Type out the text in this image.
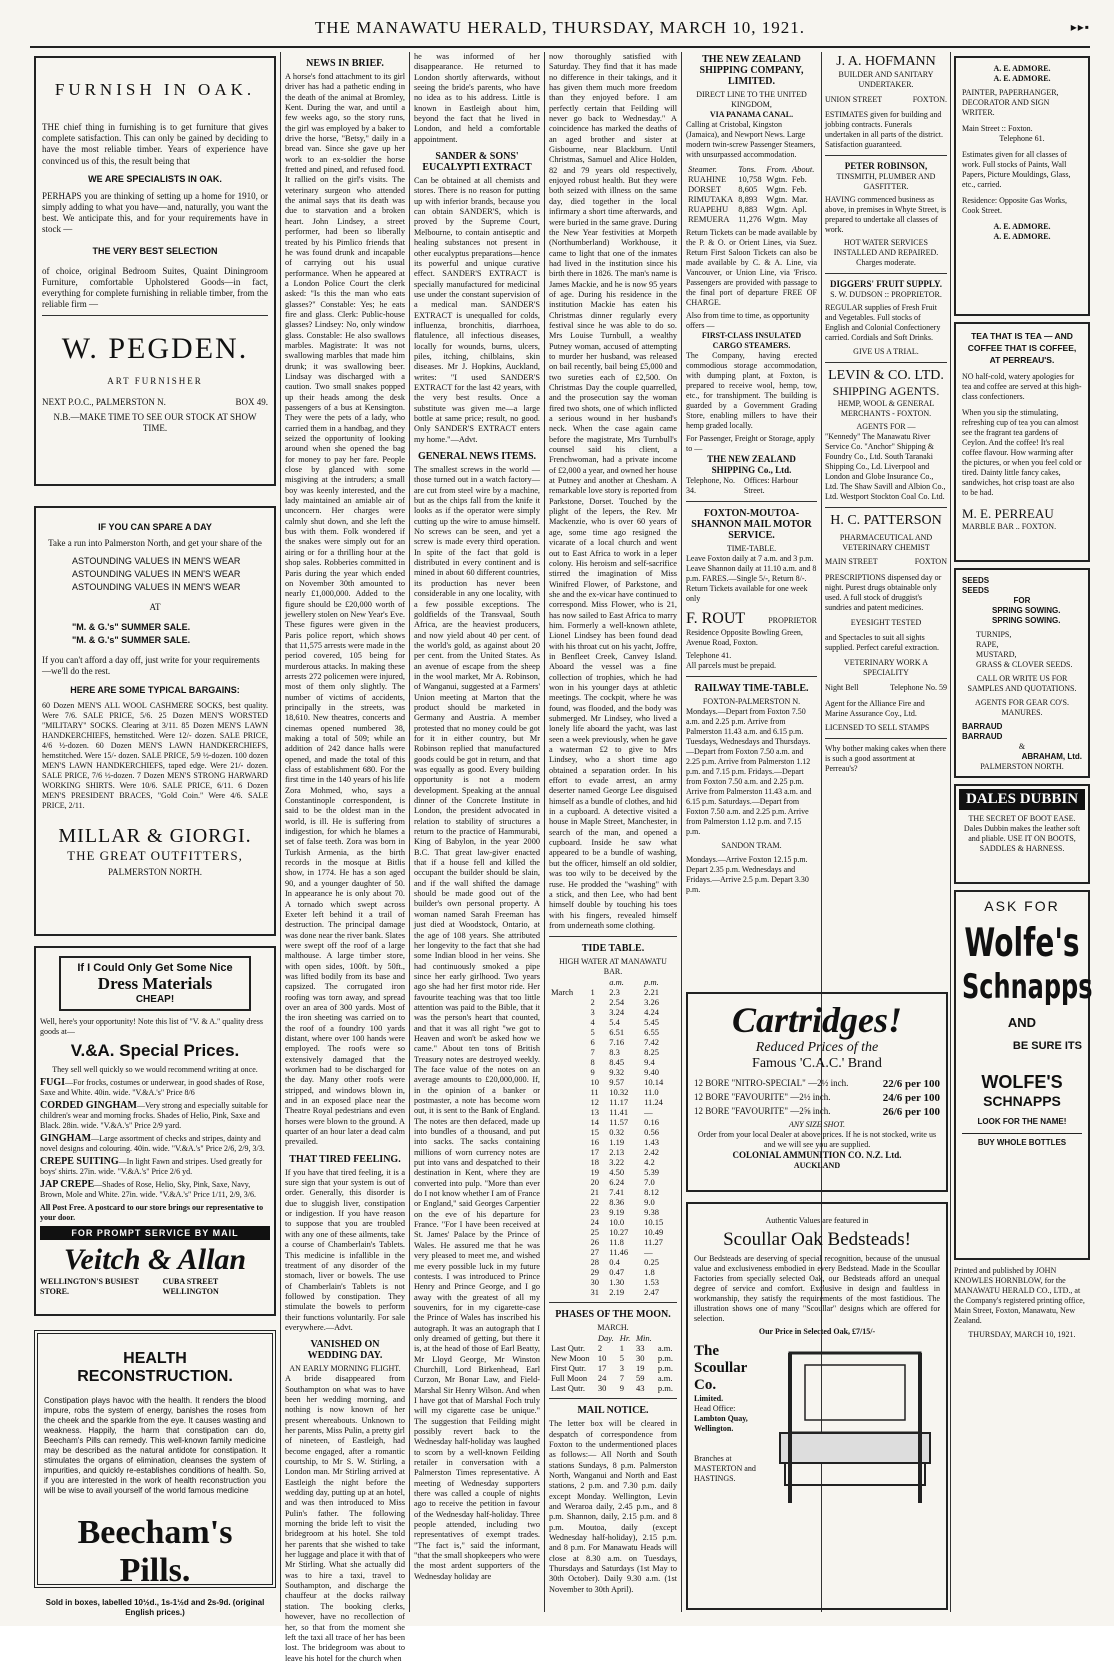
THE MANAWATU HERALD, THURSDAY, MARCH 10, 1921.	▸▸▪
FURNISH IN OAK.
THE chief thing in furnishing is to get furniture that gives complete satisfaction. This can only be gained by deciding to have the most reliable timber. Years of experience have convinced us of this, the result being that
WE ARE SPECIALISTS IN OAK.
PERHAPS you are thinking of setting up a home for 1910, or simply adding to what you have—and, naturally, you want the best. We anticipate this, and for your requirements have in stock —
THE VERY BEST SELECTION
of choice, original Bedroom Suites, Quaint Diningroom Furniture, comfortable Upholstered Goods—in fact, everything for complete furnishing in reliable timber, from the reliable firm —
W. PEGDEN.
ART FURNISHER
NEXT P.O.C., PALMERSTON N.	BOX 49.
N.B.—MAKE TIME TO SEE OUR STOCK AT SHOW TIME.
IF YOU CAN SPARE A DAY
Take a run into Palmerston North, and get your share of the
ASTOUNDING VALUES IN MEN'S WEAR
ASTOUNDING VALUES IN MEN'S WEAR
ASTOUNDING VALUES IN MEN'S WEAR
AT
"M. & G.'s" SUMMER SALE.
"M. & G.'s" SUMMER SALE.
If you can't afford a day off, just write for your requirements—we'll do the rest.
HERE ARE SOME TYPICAL BARGAINS:
60 Dozen MEN'S ALL WOOL CASHMERE SOCKS, best quality. Were 7/6. SALE PRICE, 5/6. 25 Dozen MEN'S WORSTED "MILITARY" SOCKS. Clearing at 3/11. 85 Dozen MEN'S LAWN HANDKERCHIEFS, hemstitched. Were 12/- dozen. SALE PRICE, 4/6 ½-dozen. 60 Dozen MEN'S LAWN HANDKERCHIEFS, hemstitched. Were 15/- dozen. SALE PRICE, 5/9 ½-dozen. 100 dozen MEN'S LAWN HANDKERCHIEFS, taped edge. Were 21/- dozen. SALE PRICE, 7/6 ½-dozen. 7 Dozen MEN'S STRONG HARWARD WORKING SHIRTS. Were 10/6. SALE PRICE, 6/11. 6 Dozen MEN'S PRESIDENT BRACES, "Gold Coin." Were 4/6. SALE PRICE, 2/11.
MILLAR & GIORGI.
THE GREAT OUTFITTERS,
PALMERSTON NORTH.
If I Could Only Get Some Nice
Dress Materials
CHEAP!
Well, here's your opportunity! Note this list of "V. & A." quality dress goods at—
V.&A. Special Prices.
They sell well quickly so we would recommend writing at once.
FUGI—For frocks, costumes or underwear, in good shades of Rose, Saxe and White. 40in. wide. "V.&A.'s" Price 8/6
CORDED GINGHAM—Very strong and especially suitable for children's wear and morning frocks. Shades of Helio, Pink, Saxe and Black. 28in. wide. "V.&A.'s" Price 2/9 yard.
GINGHAM—Large assortment of checks and stripes, dainty and novel designs and colouring. 40in. wide. "V.&A.'s" Price 2/6, 2/9, 3/3.
CREPE SUITING—In light Fawn and stripes. Used greatly for boys' shirts. 27in. wide. "V.&A.'s" Price 2/6 yd.
JAP CREPE—Shades of Rose, Helio, Sky, Pink, Saxe, Navy, Brown, Mole and White. 27in. wide. "V.&A.'s" Price 1/11, 2/9, 3/6.
All Post Free. A postcard to our store brings our representative to your door.
FOR PROMPT SERVICE BY MAIL
Veitch & Allan
WELLINGTON'S BUSIEST STORE.
CUBA STREET WELLINGTON
HEALTH RECONSTRUCTION.
Constipation plays havoc with the health. It renders the blood impure, robs the system of energy, banishes the roses from the cheek and the sparkle from the eye. It causes wasting and weakness. Happily, the harm that constipation can do, Beecham's Pills can remedy. This well-known family medicine may be described as the natural antidote for constipation. It stimulates the organs of elimination, cleanses the system of impurities, and quickly re-establishes conditions of health. So, if you are interested in the work of health reconstruction you will be wise to avail yourself of the world famous medicine
Beecham's Pills.
Sold in boxes, labelled 10½d., 1s-1½d and 2s-9d. (original English prices.)
NEWS IN BRIEF.
A horse's fond attachment to its girl driver has had a pathetic ending in the death of the animal at Bromley, Kent. During the war, and until a few weeks ago, so the story runs, the girl was employed by a baker to drive the horse, "Betsy," daily in a bread van. Since she gave up her work to an ex-soldier the horse fretted and pined, and refused food. It rallied on the girl's visits. The veterinary surgeon who attended the animal says that its death was due to starvation and a broken heart. John Lindsey, a street performer, had been so liberally treated by his Pimlico friends that he was found drunk and incapable of carrying out his usual performance. When he appeared at a London Police Court the clerk asked: "Is this the man who eats glasses?" Constable: Yes; he eats fire and glass. Clerk: Public-house glasses? Lindsey: No, only window glass. Constable: He also swallows marbles. Magistrate: It was not swallowing marbles that made him drunk; it was swallowing beer. Lindsay was discharged with a caution. Two small snakes popped up their heads among the desk passengers of a bus at Kensington. They were the pets of a lady, who carried them in a handbag, and they seized the opportunity of looking around when she opened the bag for money to pay her fare. People close by glanced with some misgiving at the intruders; a small boy was keenly interested, and the lady maintained an amiable air of unconcern. Her charges were calmly shut down, and she left the bus with them. Folk wondered if the snakes were simply out for an airing or for a thrilling hour at the shop sales. Robberies committed in Paris during the year which ended on November 30th amounted to nearly £1,000,000. Added to the figure should be £20,000 worth of jewellery stolen on New Year's Eve. These figures were given in the Paris police report, which shows that 11,575 arrests were made in the period covered, 105 being for murderous attacks. In making these arrests 272 policemen were injured, most of them only slightly. The number of victims of accidents, principally in the streets, was 18,610. New theatres, concerts and cinemas opened numbered 38, making a total of 509; while an addition of 242 dance halls were opened, and made the total of this class of establishment 680. For the first time in the 140 years of his life Zora Mohmed, who, says a Constantinople correspondent, is said to be the oldest man in the world, is ill. He is suffering from indigestion, for which he blames a set of false teeth. Zora was born in Turkish Armenia, as the birth records in the mosque at Bitlis show, in 1774. He has a son aged 90, and a younger daughter of 50. In appearance he is only about 70. A tornado which swept across Exeter left behind it a trail of destruction. The principal damage was done near the river bank. Slates were swept off the roof of a large malthouse. A large timber store, with open sides, 100ft. by 50ft., was lifted bodily from its base and capsized. The corrugated iron roofing was torn away, and spread over an area of 300 yards. Most of the iron sheeting was carried on to the roof of a foundry 100 yards distant, where over 100 hands were employed. The roofs were so extensively damaged that the workmen had to be discharged for the day. Many other roofs were stripped, and windows blown in, and in an exposed place near the Theatre Royal pedestrians and even horses were blown to the ground. A quarter of an hour later a dead calm prevailed.
THAT TIRED FEELING.
If you have that tired feeling, it is a sure sign that your system is out of order. Generally, this disorder is due to sluggish liver, constipation or indigestion. If you have reason to suppose that you are troubled with any one of these ailments, take a course of Chamberlain's Tablets. This medicine is infallible in the treatment of any disorder of the stomach, liver or bowels. The use of Chamberlain's Tablets is not followed by constipation. They stimulate the bowels to perform their functions voluntarily. For sale everywhere.—Advt.
VANISHED ON WEDDING DAY.
AN EARLY MORNING FLIGHT.
A bride disappeared from Southampton on what was to have been her wedding morning, and nothing is now known of her present whereabouts. Unknown to her parents, Miss Pulin, a pretty girl of nineteen, of Eastleigh, had become engaged, after a romantic courtship, to Mr S. W. Stirling, a London man. Mr Stirling arrived at Eastleigh the night before the wedding day, putting up at an hotel, and was then introduced to Miss Pulin's father. The following morning the bride left to visit the bridegroom at his hotel. She told her parents that she wished to take her luggage and place it with that of Mr Stirling. What she actually did was to hire a taxi, travel to Southampton, and discharge the chauffeur at the docks railway station. The booking clerks, however, have no recollection of her, so that from the moment she left the taxi all trace of her has been lost. The bridegroom was about to leave his hotel for the church when
he was informed of her disappearance. He returned to London shortly afterwards, without seeing the bride's parents, who have no idea as to his address. Little is known in Eastleigh about him, beyond the fact that he lived in London, and held a comfortable appointment.
SANDER & SONS' EUCALYPTI EXTRACT
Can be obtained at all chemists and stores. There is no reason for putting up with inferior brands, because you can obtain SANDER'S, which is proved by the Supreme Court, Melbourne, to contain antiseptic and healing substances not present in other eucalyptus preparations—hence its powerful and unique curative effect. SANDER'S EXTRACT is specially manufactured for medicinal use under the constant supervision of a medical man. SANDER'S EXTRACT is unequalled for colds, influenza, bronchitis, diarrhoea, flatulence, all infectious diseases, locally for wounds, burns, ulcers, piles, itching, chilblains, skin diseases. Mr J. Hopkins, Auckland, writes: "I used SANDER'S EXTRACT for the last 42 years, with the very best results. Once a substitute was given me—a large bottle at same price; result, no good. Only SANDER'S EXTRACT enters my home."—Advt.
GENERAL NEWS ITEMS.
The smallest screws in the world —those turned out in a watch factory—are cut from steel wire by a machine, but as the chips fall from the knife it looks as if the operator were simply cutting up the wire to amuse himself. No screws can be seen, and yet a screw is made every third operation. In spite of the fact that gold is distributed in every continent and is mined in about 60 different countries, its production has never been considerable in any one locality, with a few possible exceptions. The goldfields of the Transvaal, South Africa, are the heaviest producers, and now yield about 40 per cent. of the world's gold, as against about 20 per cent. from the United States. As an avenue of escape from the sheep in the wool market, Mr A. Robinson, of Wanganui, suggested at a Farmers' Union meeting at Marton that the product should be marketed in Germany and Austria. A member protested that no money could be got for it in either country, but Mr Robinson replied that manufactured goods could be got in return, and that was equally as good. Every building opportunity is not a modern development. Speaking at the annual dinner of the Concrete Institute in London, the president advocated in relation to stability of structures a return to the practice of Hammurabi, King of Babylon, in the year 2000 B.C. That great law-giver enacted that if a house fell and killed the occupant the builder should be slain, and if the wall shifted the damage should be made good out of the builder's own personal property. A woman named Sarah Freeman has just died at Woodstock, Ontario, at the age of 108 years. She attributed her longevity to the fact that she had some Indian blood in her veins. She had continuously smoked a pipe since her early girlhood. Two years ago she had her first motor ride. Her favourite teaching was that too little attention was paid to the Bible, that it was the person's heart that counted, and that it was all right "we got to Heaven and won't be asked how we came." About ten tons of British Treasury notes are destroyed weekly. The face value of the notes on an average amounts to £20,000,000. If, in the opinion of a banker or postmaster, a note has become worn out, it is sent to the Bank of England. The notes are then defaced, made up into bundles of a thousand, and put into sacks. The sacks containing millions of worn currency notes are put into vans and despatched to their destination in Kent, where they are converted into pulp. "More than ever do I not know whether I am of France or England," said Georges Carpentier on the eve of his departure for France. "For I have been received at St. James' Palace by the Prince of Wales. He assured me that he was very pleased to meet me, and wished me every possible luck in my future contests. I was introduced to Prince Henry and Prince George, and I go away with the greatest of all my souvenirs, for in my cigarette-case the Prince of Wales has inscribed his autograph. It was an autograph that I only dreamed of getting, but there it is, at the head of those of Earl Beatty, Mr Lloyd George, Mr Winston Churchill, Lord Birkenhead, Earl Curzon, Mr Bonar Law, and Field-Marshal Sir Henry Wilson. And when I have got that of Marshal Foch truly will my cigarette case be unique." The suggestion that Feilding might possibly revert back to the Wednesday half-holiday was laughed to scorn by a well-known Feilding retailer in conversation with a Palmerston Times representative. A meeting of Wednesday supporters there was called a couple of nights ago to receive the petition in favour of the Wednesday half-holiday. Three people attended, including two representatives of exempt trades. "The fact is," said the informant, "that the small shopkeepers who were the most ardent supporters of the Wednesday holiday are
now thoroughly satisfied with Saturday. They find that it has made no difference in their takings, and it has given them much more freedom than they enjoyed before. I am perfectly certain that Feilding will never go back to Wednesday." A coincidence has marked the deaths of an aged brother and sister at Gisbourne, near Blackburn. Until Christmas, Samuel and Alice Holden, 82 and 79 years old respectively, enjoyed robust health. But they were both seized with illness on the same day, died together in the local infirmary a short time afterwards, and were buried in the same grave. During the New Year festivities at Morpeth (Northumberland) Workhouse, it came to light that one of the inmates had lived in the institution since his birth there in 1826. The man's name is James Mackie, and he is now 95 years of age. During his residence in the institution Mackie has eaten his Christmas dinner regularly every festival since he was able to do so. Mrs Louise Turnbull, a wealthy Putney woman, accused of attempting to murder her husband, was released on bail recently, bail being £5,000 and two sureties each of £2,500. On Christmas Day the couple quarrelled, and the prosecution say the woman fired two shots, one of which inflicted a serious wound in her husband's neck. When the case again came before the magistrate, Mrs Turnbull's counsel said his client, a Frenchwoman, had a private income of £2,000 a year, and owned her house at Putney and another at Chesham. A remarkable love story is reported from Parkstone, Dorset. Touched by the plight of the lepers, the Rev. Mr Mackenzie, who is over 60 years of age, some time ago resigned the vicarate of a local church and went out to East Africa to work in a leper colony. His heroism and self-sacrifice stirred the imagination of Miss Winifred Flower, of Parkstone, and she and the ex-vicar have continued to correspond. Miss Flower, who is 21, has now sailed to East Africa to marry him. Formerly a well-known athlete, Lionel Lindsey has been found dead with his throat cut on his yacht, Joffre, in Benfleet Creek, Canvey Island. Aboard the vessel was a fine collection of trophies, which he had won in his younger days at athletic meetings. The cockpit, where he was found, was flooded, and the body was submerged. Mr Lindsey, who lived a lonely life aboard the yacht, was last seen a week previously, when he gave a waterman £2 to give to Mrs Lindsey, who a short time ago obtained a separation order. In his effort to evade arrest, an army deserter named George Lee disguised himself as a bundle of clothes, and hid in a cupboard. A detective visited a house in Maple Street, Manchester, in search of the man, and opened a cupboard. Inside he saw what appeared to be a bundle of washing, but the officer, himself an old soldier, was too wily to be deceived by the ruse. He prodded the "washing" with a stick, and then Lee, who had bent himself double by touching his toes with his fingers, revealed himself from underneath some clothing.
TIDE TABLE.
HIGH WATER AT MANAWATU BAR.
		a.m.	p.m.
March	1	2.3	2.21
	2	2.54	3.26
	3	3.24	4.24
	4	5.4	5.45
	5	6.51	6.55
	6	7.16	7.42
	7	8.3	8.25
	8	8.45	9.4
	9	9.32	9.40
	10	9.57	10.14
	11	10.32	11.0
	12	11.17	11.24
	13	11.41	—
	14	11.57	0.16
	15	0.32	0.56
	16	1.19	1.43
	17	2.13	2.42
	18	3.22	4.2
	19	4.50	5.39
	20	6.24	7.0
	21	7.41	8.12
	22	8.36	9.0
	23	9.19	9.38
	24	10.0	10.15
	25	10.27	10.49
	26	11.8	11.27
	27	11.46	—
	28	0.4	0.25
	29	0.47	1.8
	30	1.30	1.53
	31	2.19	2.47
PHASES OF THE MOON.
MARCH.
	Day.	Hr.	Min.	
Last Qutr.	2	1	33	a.m.
New Moon	10	5	30	p.m.
First Qutr.	17	3	19	p.m.
Full Moon	24	7	59	a.m.
Last Qutr.	30	9	43	p.m.
MAIL NOTICE.
The letter box will be cleared in despatch of correspondence from Foxton to the undermentioned places as follows:— All North and South stations Sundays, 8 p.m. Palmerston North, Wanganui and North and East stations, 2 p.m. and 7.30 p.m. daily except Monday. Wellington, Levin and Weraroa daily, 2.45 p.m., and 8 p.m. Shannon, daily, 2.15 p.m. and 8 p.m. Moutoa, daily (except Wednesday half-holiday), 2.15 p.m. and 8 p.m. For Manawatu Heads will close at 8.30 a.m. on Tuesdays, Thursdays and Saturdays (1st May to 30th October). Daily 9.30 a.m. (1st November to 30th April).
THE NEW ZEALAND SHIPPING COMPANY, LIMITED.
DIRECT LINE TO THE UNITED KINGDOM,
VIA PANAMA CANAL.
Calling at Cristobal, Kingston (Jamaica), and Newport News. Large modern twin-screw Passenger Steamers, with unsurpassed accommodation.
Steamer.	Tons.	From.	About.
RUAHINE	10,758	Wgtn.	Feb.
DORSET	8,605	Wgtn.	Feb.
RIMUTAKA	8,893	Wgtn.	Mar.
RUAPEHU	8,883	Wgtn.	Apl.
REMUERA	11,276	Wgtn.	May
Return Tickets can be made available by the P. & O. or Orient Lines, via Suez. Return First Saloon Tickets can also be made available by C. & A. Line, via Vancouver, or Union Line, via 'Frisco. Passengers are provided with passage to the final port of departure FREE OF CHARGE.
Also from time to time, as opportunity offers —
FIRST-CLASS INSULATED CARGO STEAMERS.
The Company, having erected commodious storage accommodation, with dumping plant, at Foxton, is prepared to receive wool, hemp, tow, etc., for transhipment. The building is guarded by a Government Grading Store, enabling millers to have their hemp graded locally.
For Passenger, Freight or Storage, apply to —
THE NEW ZEALAND SHIPPING Co., Ltd.
Telephone, No. 34.
Offices: Harbour Street.
FOXTON-MOUTOA-SHANNON MAIL MOTOR SERVICE.
TIME-TABLE.
Leave Foxton daily at 7 a.m. and 3 p.m. Leave Shannon daily at 11.10 a.m. and 8 p.m. FARES.—Single 5/-, Return 8/-. Return Tickets available for one week only
F. ROUT	PROPRIETOR
Residence Opposite Bowling Green, Avenue Road, Foxton.
Telephone 41.
All parcels must be prepaid.
RAILWAY TIME-TABLE.
FOXTON-PALMERSTON N.
Mondays.—Depart from Foxton 7.50 a.m. and 2.25 p.m. Arrive from Palmerston 11.43 a.m. and 6.15 p.m. Tuesdays, Wednesdays and Thursdays.—Depart from Foxton 7.50 a.m. and 2.25 p.m. Arrive from Palmerston 1.12 p.m. and 7.15 p.m. Fridays.—Depart from Foxton 7.50 a.m. and 2.25 p.m. Arrive from Palmerston 11.43 a.m. and 6.15 p.m. Saturdays.—Depart from Foxton 7.50 a.m. and 2.25 p.m. Arrive from Palmerston 1.12 p.m. and 7.15 p.m.
SANDON TRAM.
Mondays.—Arrive Foxton 12.15 p.m. Depart 2.35 p.m. Wednesdays and Fridays.—Arrive 2.5 p.m. Depart 3.30 p.m.
J. A. HOFMANN
BUILDER AND SANITARY UNDERTAKER.
UNION STREET	FOXTON.
ESTIMATES given for building and jobbing contracts. Funerals undertaken in all parts of the district. Satisfaction guaranteed.
PETER ROBINSON,
TINSMITH, PLUMBER AND GASFITTER.
HAVING commenced business as above, in premises in Whyte Street, is prepared to undertake all classes of work.
HOT WATER SERVICES INSTALLED AND REPAIRED.
Charges moderate.
DIGGERS' FRUIT SUPPLY.
S. W. DUDSON :: PROPRIETOR.
REGULAR supplies of Fresh Fruit and Vegetables. Full stocks of English and Colonial Confectionery carried. Cordials and Soft Drinks.
GIVE US A TRIAL.
LEVIN & CO. LTD.
SHIPPING AGENTS.
HEMP, WOOL & GENERAL MERCHANTS - FOXTON.
AGENTS FOR —
"Kennedy" The Manawatu River Service Co. "Anchor" Shipping & Foundry Co., Ltd. South Taranaki Shipping Co., Ld. Liverpool and London and Globe Insurance Co., Ltd. The Shaw Savill and Albion Co., Ltd. Westport Stockton Coal Co. Ltd.
H. C. PATTERSON
PHARMACEUTICAL AND VETERINARY CHEMIST
MAIN STREET	FOXTON
PRESCRIPTIONS dispensed day or night. Purest drugs obtainable only used. A full stock of druggist's sundries and patent medicines.
EYESIGHT TESTED
and Spectacles to suit all sights supplied. Perfect careful extraction.
VETERINARY WORK A SPECIALITY
Night Bell	Telephone No. 59
Agent for the Alliance Fire and Marine Assurance Coy., Ltd.
LICENSED TO SELL STAMPS
Why bother making cakes when there is such a good assortment at Perreau's?
A. E. ADMORE.
A. E. ADMORE.
PAINTER, PAPERHANGER, DECORATOR AND SIGN WRITER.
Main Street :: Foxton.
Telephone 61.
Estimates given for all classes of work. Full stocks of Paints, Wall Papers, Picture Mouldings, Glass, etc., carried.
Residence: Opposite Gas Works, Cook Street.
A. E. ADMORE.
A. E. ADMORE.
TEA THAT IS TEA — AND COFFEE THAT IS COFFEE, AT PERREAU'S.
NO half-cold, watery apologies for tea and coffee are served at this high-class confectioners.
When you sip the stimulating, refreshing cup of tea you can almost see the fragrant tea gardens of Ceylon. And the coffee! It's real coffee flavour. How warming after the pictures, or when you feel cold or tired. Dainty little fancy cakes, sandwiches, hot crisp toast are also to be had.
M. E. PERREAU
MARBLE BAR .. FOXTON.
SEEDS
SEEDS
FOR
SPRING SOWING.
SPRING SOWING.
TURNIPS,
RAPE,
MUSTARD,
GRASS & CLOVER SEEDS.
CALL OR WRITE US FOR SAMPLES AND QUOTATIONS.
AGENTS FOR GEAR CO'S. MANURES.
BARRAUD
BARRAUD
&
ABRAHAM, Ltd.
PALMERSTON NORTH.
DALES DUBBIN
THE SECRET OF BOOT EASE. Dales Dubbin makes the leather soft and pliable. USE IT ON BOOTS, SADDLES & HARNESS.
ASK FOR
Wolfe's
Schnapps
AND
BE SURE ITS
WOLFE'S
SCHNAPPS
LOOK FOR THE NAME!
BUY WHOLE BOTTLES
Printed and published by JOHN KNOWLES HORNBLOW, for the MANAWATU HERALD CO., LTD., at the Company's registered printing office, Main Street, Foxton, Manawatu, New Zealand.
THURSDAY, MARCH 10, 1921.
Cartridges!
Reduced Prices of the
Famous 'C.A.C.' Brand
12 BORE "NITRO-SPECIAL" —2½ inch.	22/6 per 100
12 BORE "FAVOURITE" —2½ inch.	24/6 per 100
12 BORE "FAVOURITE" —2⅝ inch.	26/6 per 100
ANY SIZE SHOT.
Order from your local Dealer at above prices. If he is not stocked, write us and we will see you are supplied.
COLONIAL AMMUNITION CO. N.Z. Ltd.
AUCKLAND
Authentic Values are featured in
Scoullar Oak Bedsteads!
Our Bedsteads are deserving of special recognition, because of the unusual value and exclusiveness embodied in every Bedstead. Made in the Scoullar Factories from specially selected Oak, our Bedsteads afford an unequal degree of service and comfort. Exclusive in design and faultless in workmanship, they satisfy the requirements of the most fastidious. The illustration shows one of many "Scoullar" designs which are offered for selection.
Our Price in Selected Oak, £7/15/-
The Scoullar Co.
Limited.
Head Office:
Lambton Quay, Wellington.
Branches at MASTERTON and HASTINGS.
